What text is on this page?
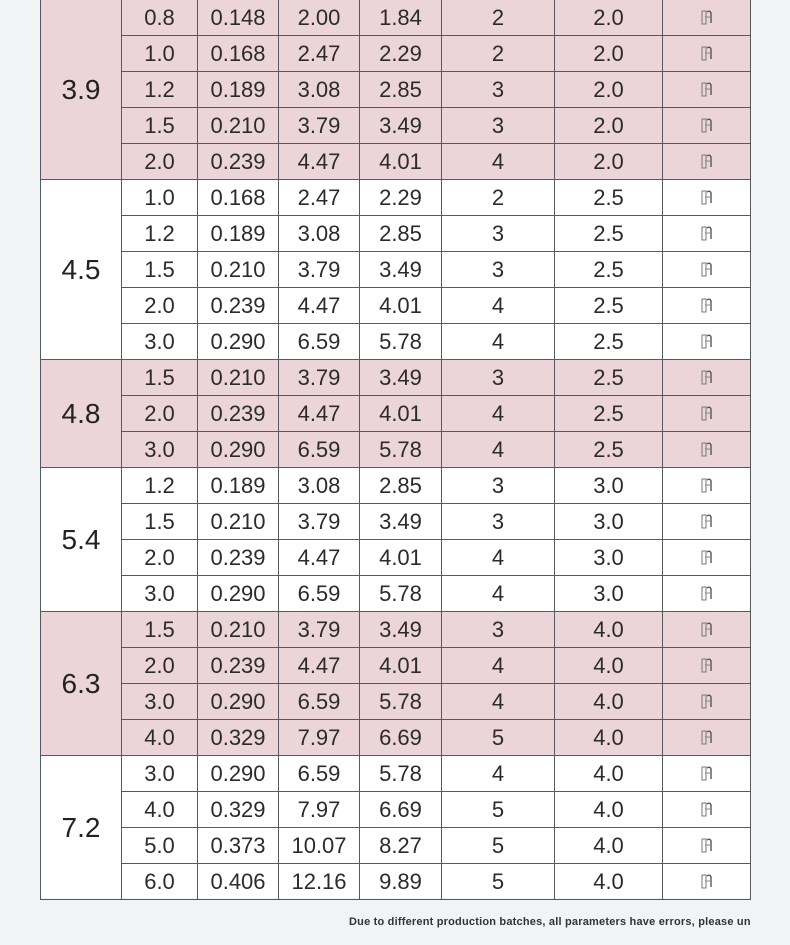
3.9	0.8	0.148	2.00	1.84	2	2.0	

	1.0	0.168	2.47	2.29	2	2.0	

	1.2	0.189	3.08	2.85	3	2.0	

	1.5	0.210	3.79	3.49	3	2.0	

	2.0	0.239	4.47	4.01	4	2.0	

4.5	1.0	0.168	2.47	2.29	2	2.5	

	1.2	0.189	3.08	2.85	3	2.5	

	1.5	0.210	3.79	3.49	3	2.5	

	2.0	0.239	4.47	4.01	4	2.5	

	3.0	0.290	6.59	5.78	4	2.5	

4.8	1.5	0.210	3.79	3.49	3	2.5	

	2.0	0.239	4.47	4.01	4	2.5	

	3.0	0.290	6.59	5.78	4	2.5	

5.4	1.2	0.189	3.08	2.85	3	3.0	

	1.5	0.210	3.79	3.49	3	3.0	

	2.0	0.239	4.47	4.01	4	3.0	

	3.0	0.290	6.59	5.78	4	3.0	

6.3	1.5	0.210	3.79	3.49	3	4.0	

	2.0	0.239	4.47	4.01	4	4.0	

	3.0	0.290	6.59	5.78	4	4.0	

	4.0	0.329	7.97	6.69	5	4.0	

7.2	3.0	0.290	6.59	5.78	4	4.0	

	4.0	0.329	7.97	6.69	5	4.0	

	5.0	0.373	10.07	8.27	5	4.0	

	6.0	0.406	12.16	9.89	5	4.0	
Due to different production batches, all parameters have errors, please un
